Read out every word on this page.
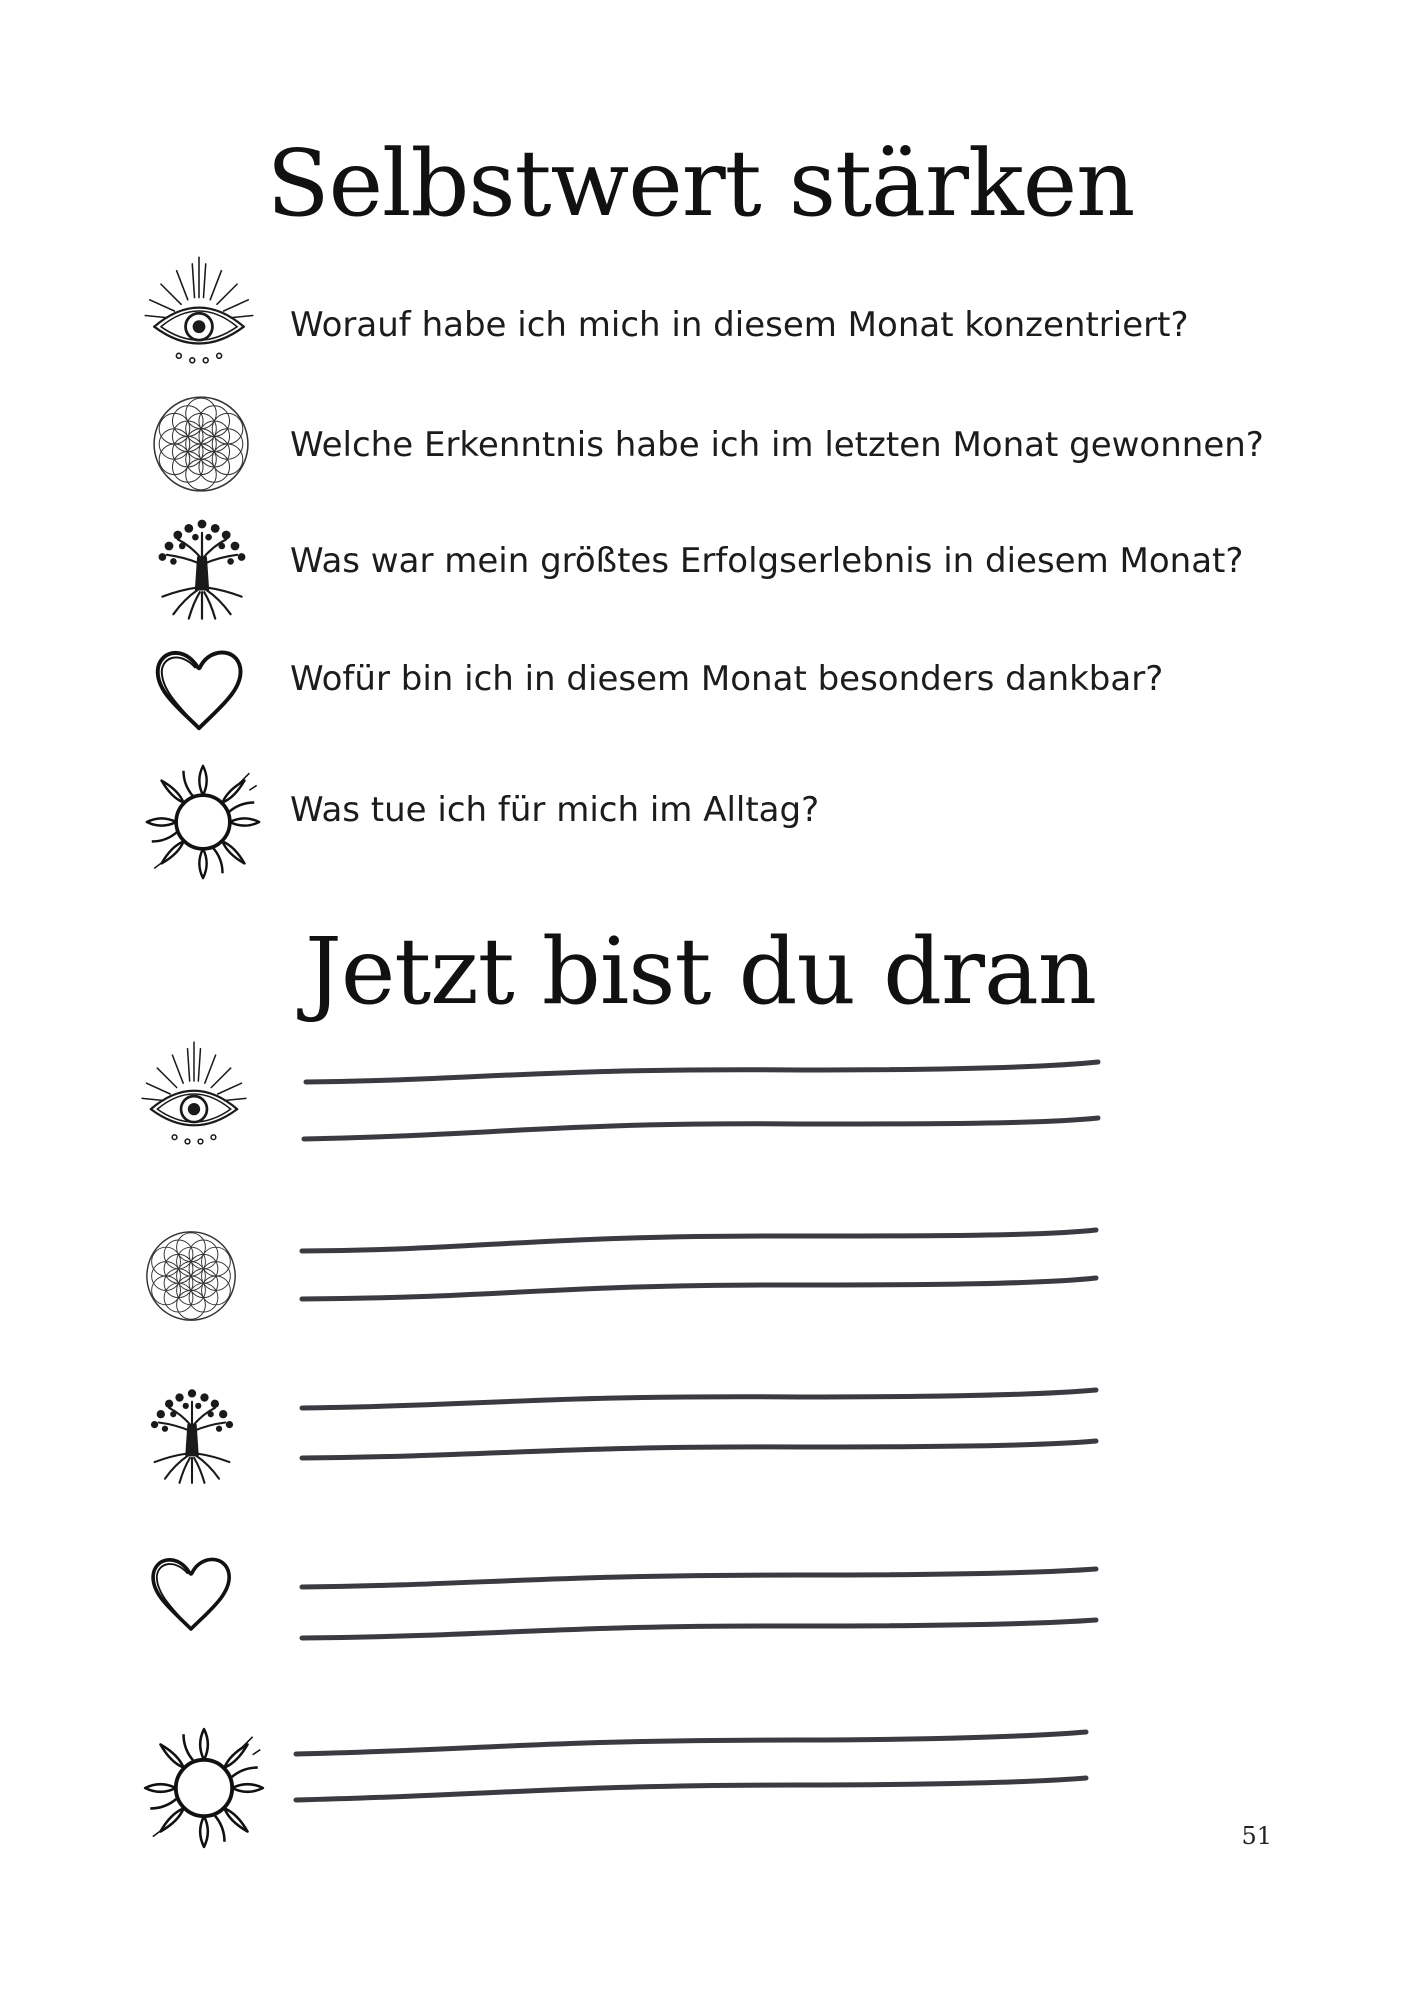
Selbstwert stärken
Worauf habe ich mich in diesem Monat konzentriert?
Welche Erkenntnis habe ich im letzten Monat gewonnen?
Was war mein größtes Erfolgserlebnis in diesem Monat?
Wofür bin ich in diesem Monat besonders dankbar?
Was tue ich für mich im Alltag?
Jetzt bist du dran
51
